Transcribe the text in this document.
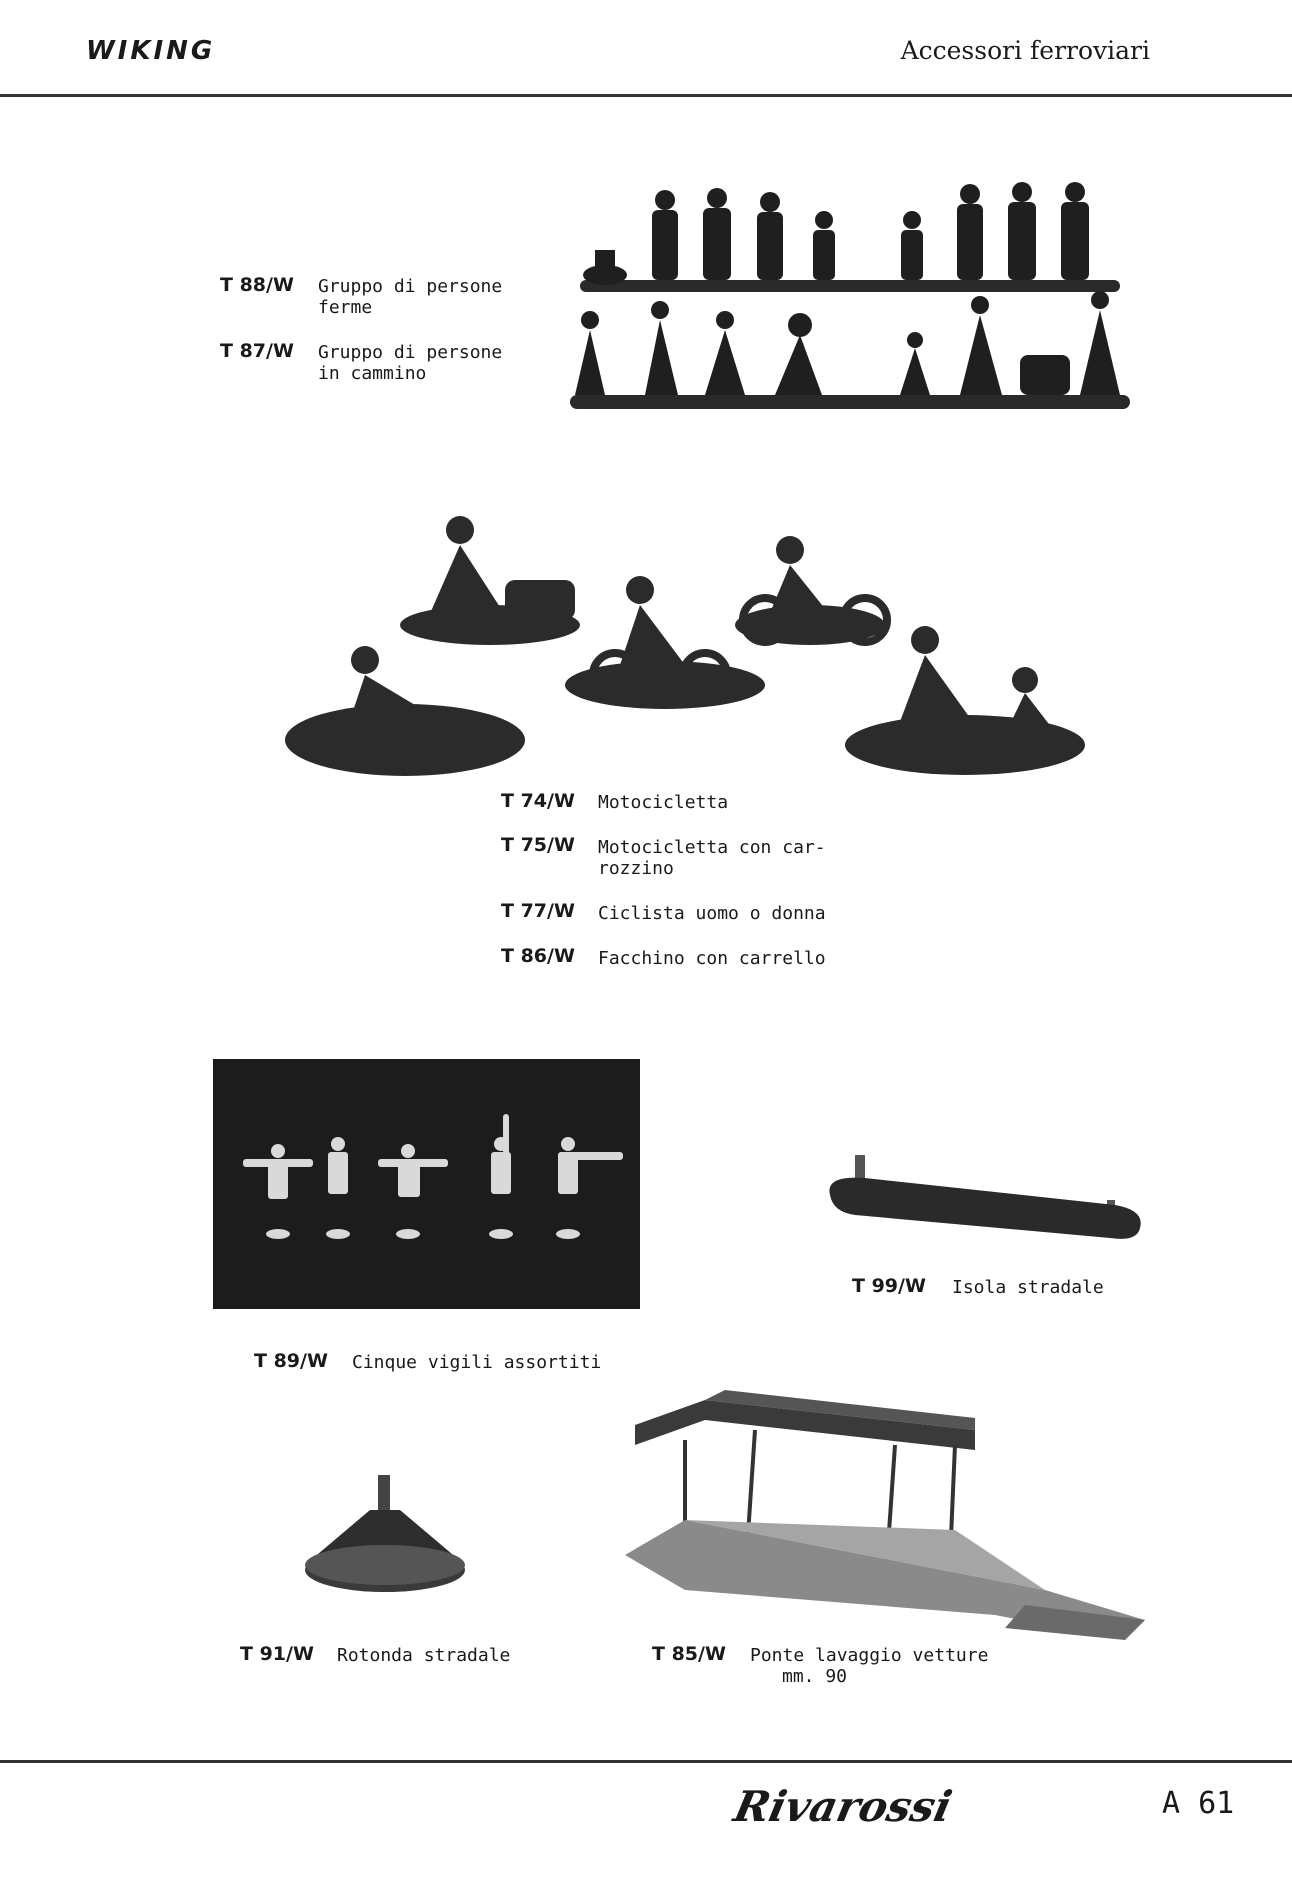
WIKING	Accessori ferroviari
T 88/W Gruppo di persone
ferme
T 87/W Gruppo di persone
in cammino
T 74/W Motocicletta
T 75/W Motocicletta con car-
rozzino
T 77/W Ciclista uomo o donna
T 86/W Facchino con carrello
T 99/W Isola stradale
T 89/W Cinque vigili assortiti
T 91/W Rotonda stradale	T 85/W Ponte lavaggio vetture
mm. 90
Rivarossi	A 61
